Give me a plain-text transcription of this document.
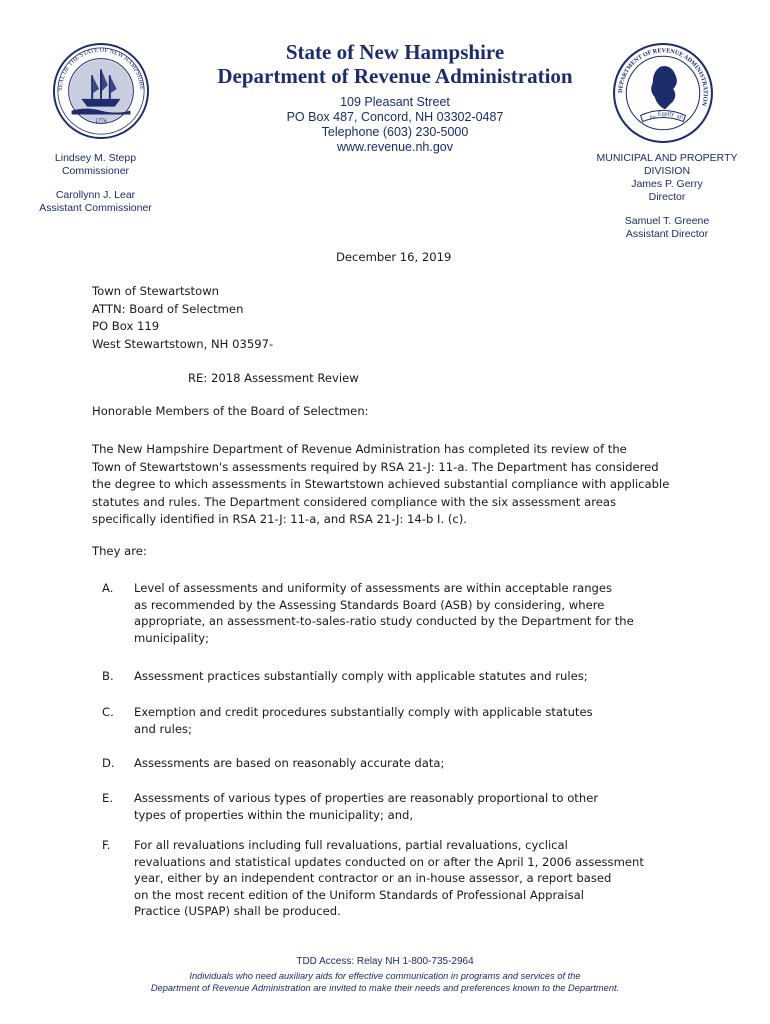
SEAL OF THE STATE OF NEW HAMPSHIRE
1776
DEPARTMENT OF REVENUE ADMINISTRATION
for
Equity
All
State of New Hampshire
Department of Revenue Administration
109 Pleasant Street
PO Box 487, Concord, NH 03302-0487
Telephone (603) 230-5000
www.revenue.nh.gov
Lindsey M. Stepp
Commissioner
Carollynn J. Lear
Assistant Commissioner
MUNICIPAL AND PROPERTY
DIVISION
James P. Gerry
Director
Samuel T. Greene
Assistant Director
December 16, 2019
Town of Stewartstown
ATTN: Board of Selectmen
PO Box 119
West Stewartstown, NH 03597-
RE: 2018 Assessment Review
Honorable Members of the Board of Selectmen:
The New Hampshire Department of Revenue Administration has completed its review of the
Town of Stewartstown's assessments required by RSA 21-J: 11-a. The Department has considered
the degree to which assessments in Stewartstown achieved substantial compliance with applicable
statutes and rules. The Department considered compliance with the six assessment areas
specifically identified in RSA 21-J: 11-a, and RSA 21-J: 14-b I. (c).
They are:
A. Level of assessments and uniformity of assessments are within acceptable ranges
as recommended by the Assessing Standards Board (ASB) by considering, where
appropriate, an assessment-to-sales-ratio study conducted by the Department for the
municipality;
B. Assessment practices substantially comply with applicable statutes and rules;
C. Exemption and credit procedures substantially comply with applicable statutes
and rules;
D. Assessments are based on reasonably accurate data;
E. Assessments of various types of properties are reasonably proportional to other
types of properties within the municipality; and,
F. For all revaluations including full revaluations, partial revaluations, cyclical
revaluations and statistical updates conducted on or after the April 1, 2006 assessment
year, either by an independent contractor or an in-house assessor, a report based
on the most recent edition of the Uniform Standards of Professional Appraisal
Practice (USPAP) shall be produced.
TDD Access: Relay NH 1-800-735-2964
Individuals who need auxiliary aids for effective communication in programs and services of the
Department of Revenue Administration are invited to make their needs and preferences known to the Department.
